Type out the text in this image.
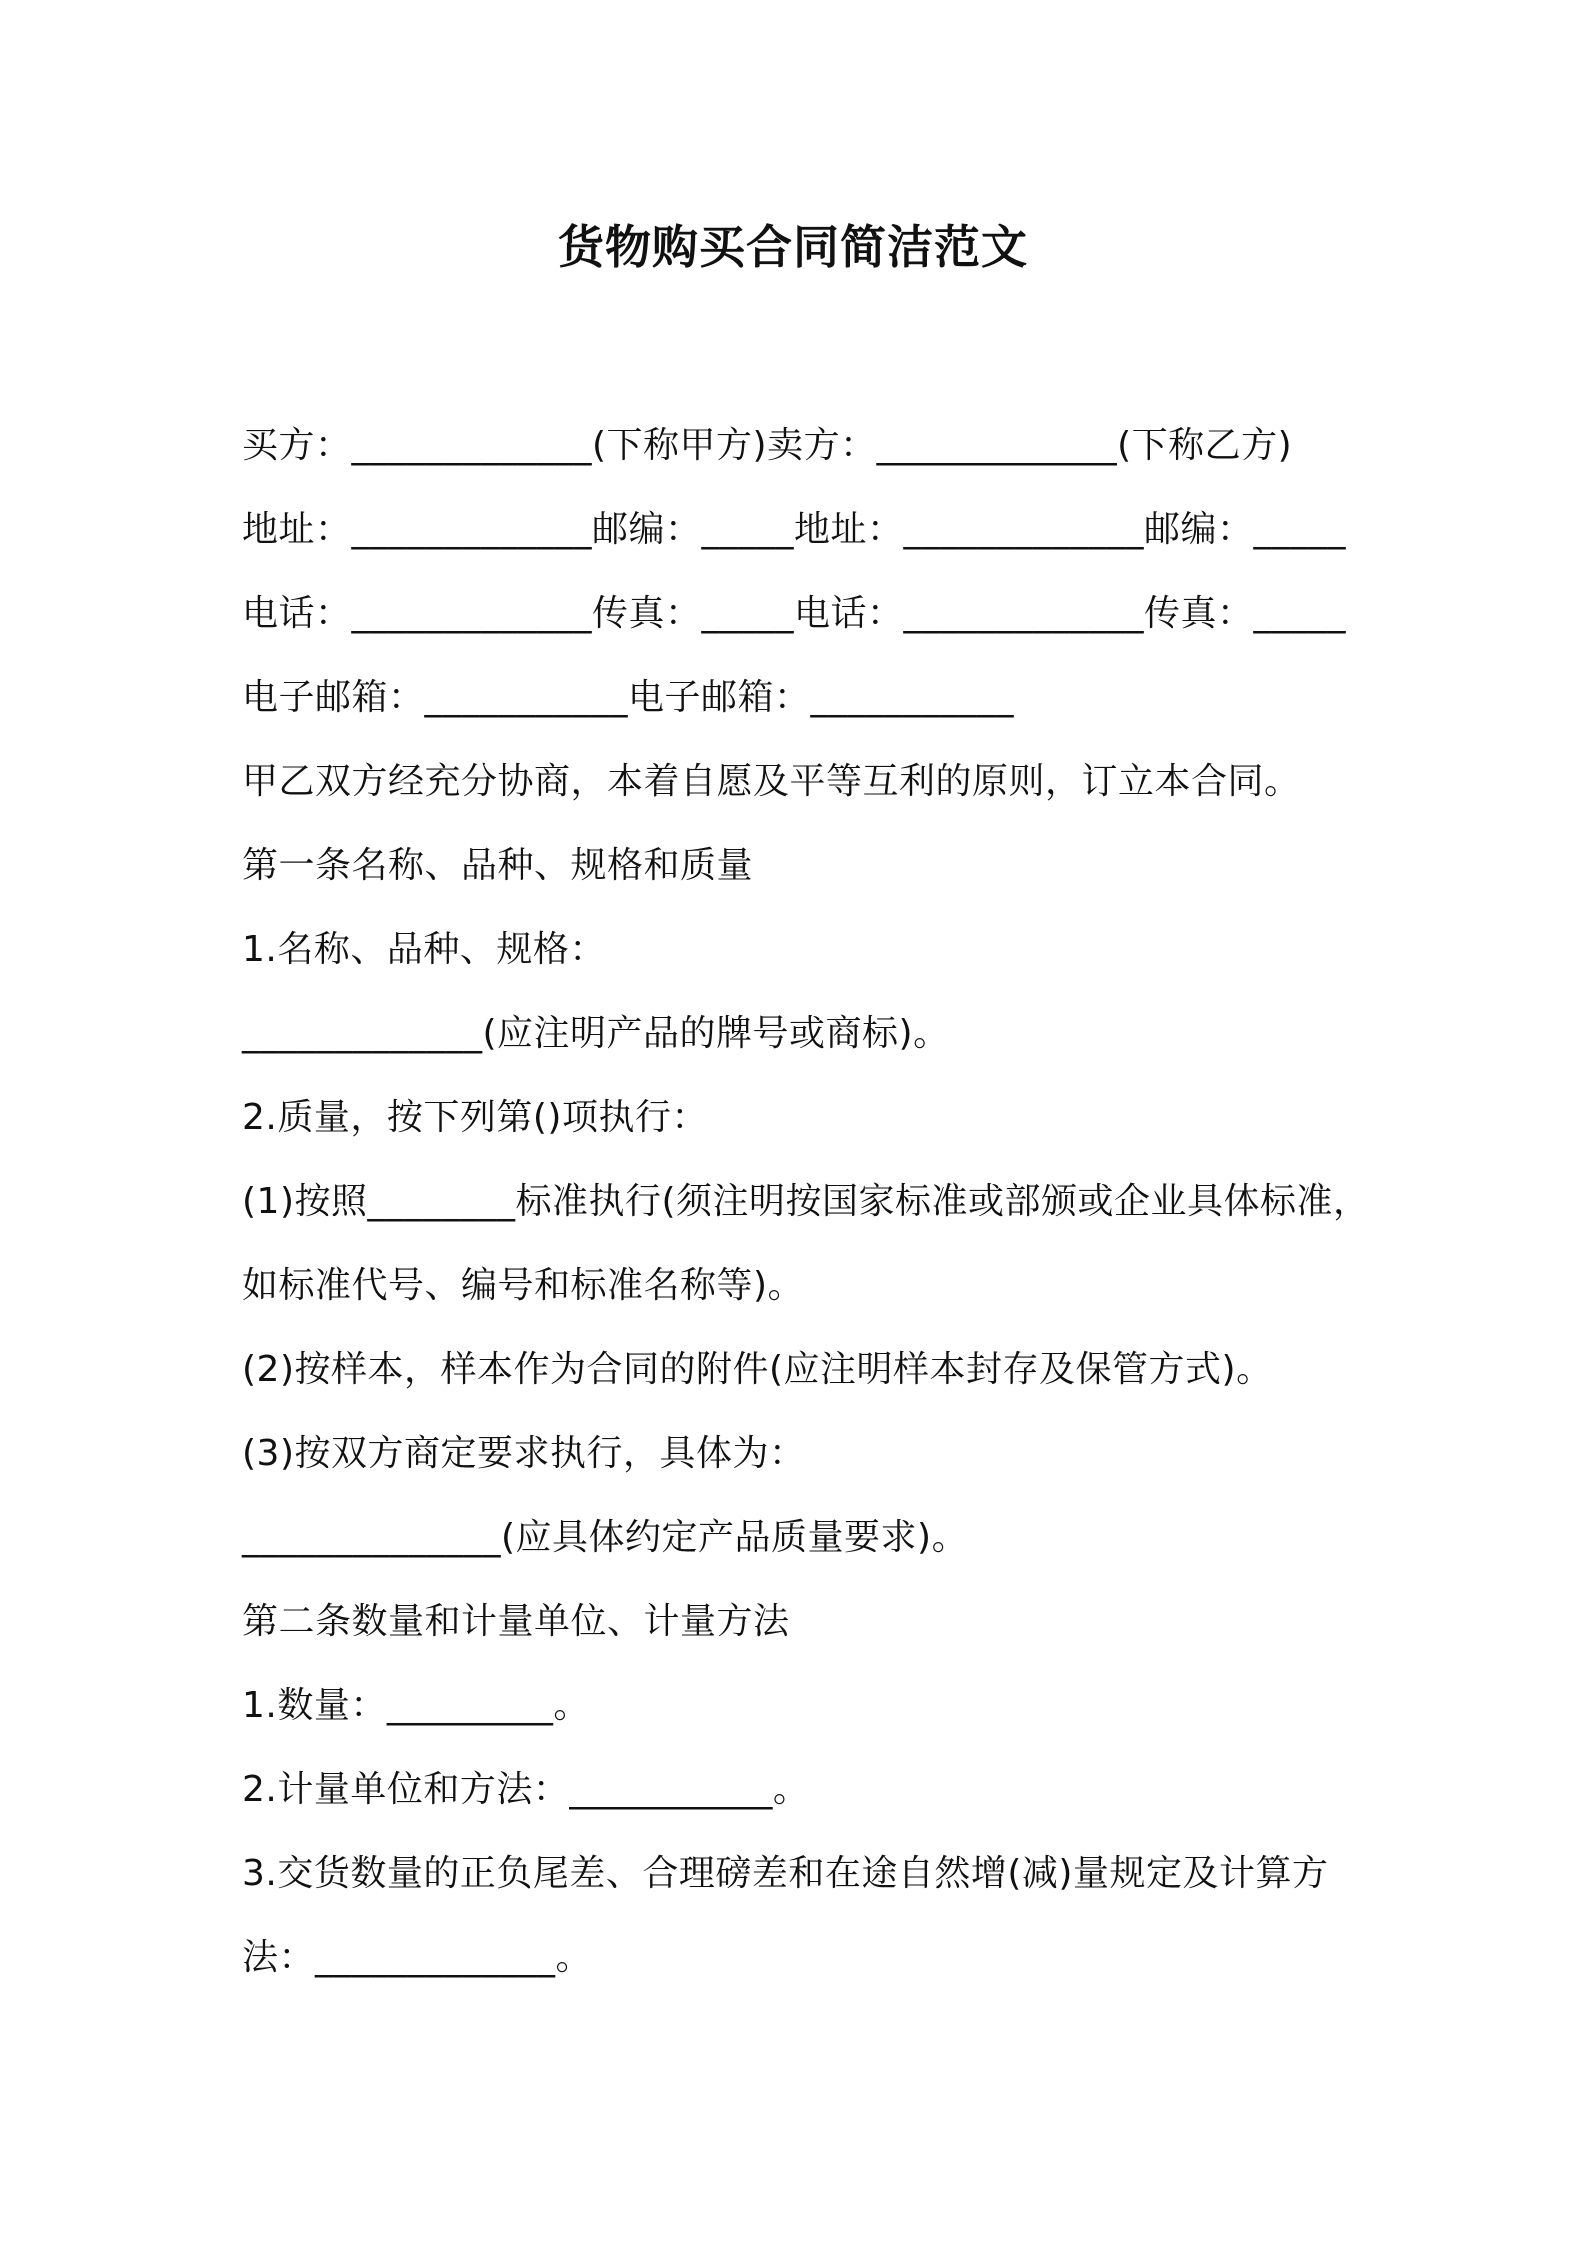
货物购买合同简洁范文
买方：_____________(下称甲方)卖方：_____________(下称乙方)
地址：_____________邮编：_____地址：_____________邮编：_____
电话：_____________传真：_____电话：_____________传真：_____
电子邮箱：___________电子邮箱：___________
甲乙双方经充分协商，本着自愿及平等互利的原则，订立本合同。
第一条名称、品种、规格和质量
1.名称、品种、规格：
_____________(应注明产品的牌号或商标)。
2.质量，按下列第()项执行：
(1)按照________标准执行(须注明按国家标准或部颁或企业具体标准，
如标准代号、编号和标准名称等)。
(2)按样本，样本作为合同的附件(应注明样本封存及保管方式)。
(3)按双方商定要求执行，具体为：
______________(应具体约定产品质量要求)。
第二条数量和计量单位、计量方法
1.数量：_________。
2.计量单位和方法：___________。
3.交货数量的正负尾差、合理磅差和在途自然增(减)量规定及计算方
法：_____________。
